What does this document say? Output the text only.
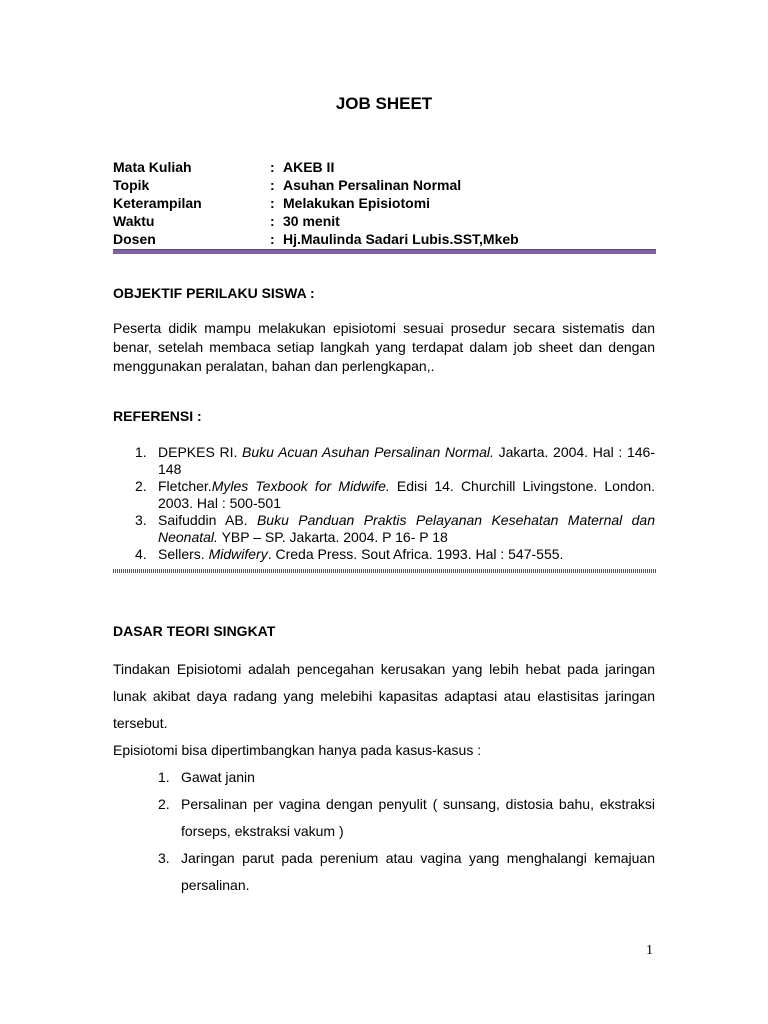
JOB SHEET
Mata Kuliah	: AKEB II
Topik	: Asuhan Persalinan Normal
Keterampilan	: Melakukan Episiotomi
Waktu	: 30 menit
Dosen	: Hj.Maulinda Sadari Lubis.SST,Mkeb
OBJEKTIF PERILAKU SISWA :
Peserta didik mampu melakukan episiotomi sesuai prosedur secara sistematis dan benar, setelah membaca setiap langkah yang terdapat dalam job sheet dan dengan menggunakan peralatan, bahan dan perlengkapan,.
REFERENSI :
1. DEPKES RI. Buku Acuan Asuhan Persalinan Normal. Jakarta. 2004. Hal : 146-148
2. Fletcher.Myles Texbook for Midwife. Edisi 14. Churchill Livingstone. London. 2003. Hal : 500-501
3. Saifuddin AB. Buku Panduan Praktis Pelayanan Kesehatan Maternal dan Neonatal. YBP – SP. Jakarta. 2004. P 16- P 18
4. Sellers. Midwifery. Creda Press. Sout Africa. 1993. Hal : 547-555.
DASAR TEORI SINGKAT
Tindakan Episiotomi adalah pencegahan kerusakan yang lebih hebat pada jaringan lunak akibat daya radang yang melebihi kapasitas adaptasi atau elastisitas jaringan tersebut.
Episiotomi bisa dipertimbangkan hanya pada kasus-kasus :
1. Gawat janin
2. Persalinan per vagina dengan penyulit ( sunsang, distosia bahu, ekstraksi forseps, ekstraksi vakum )
3. Jaringan parut pada perenium atau vagina yang menghalangi kemajuan persalinan.
1
